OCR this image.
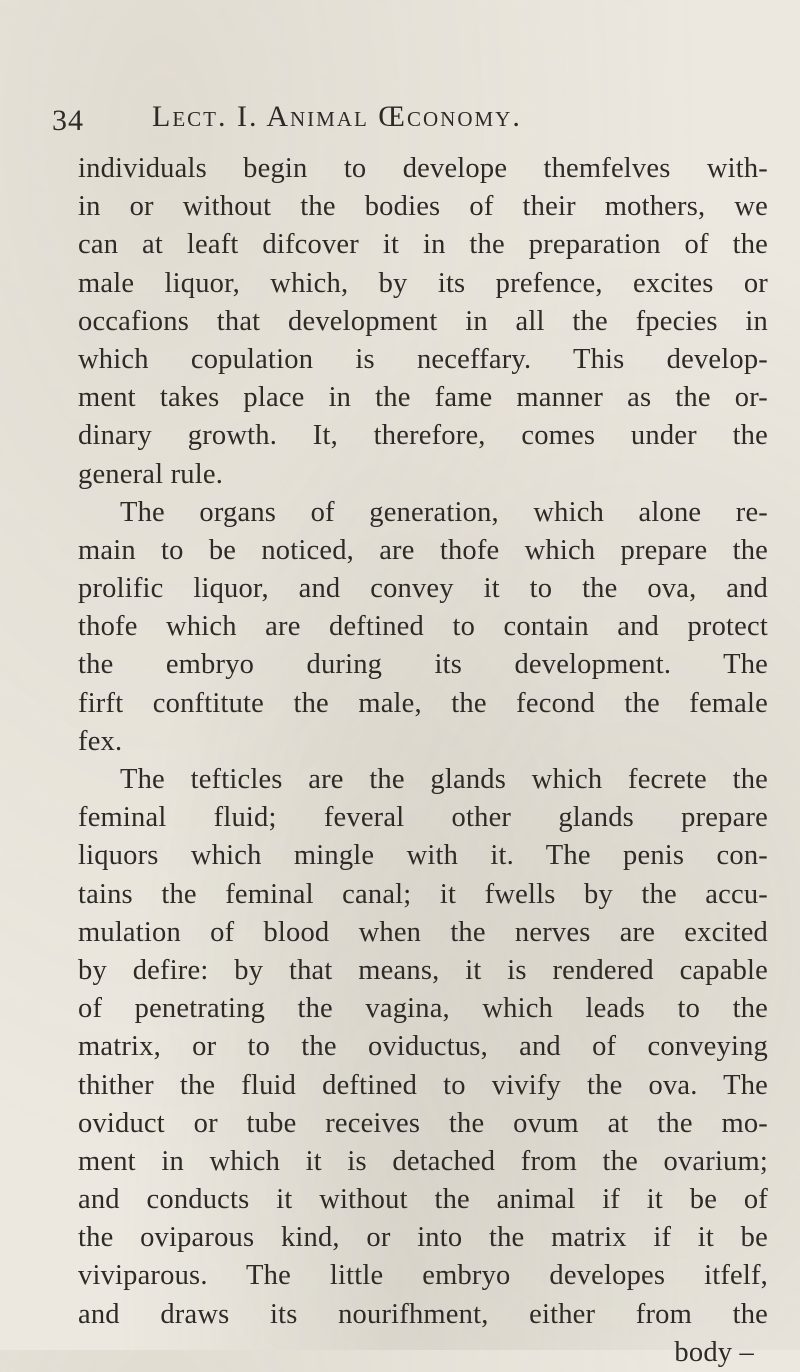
34 Lect. I. Animal Œconomy.
individuals begin to develope themfelves with-
in or without the bodies of their mothers, we
can at leaft difcover it in the preparation of the
male liquor, which, by its prefence, excites or
occafions that development in all the fpecies in
which copulation is neceffary. This develop-
ment takes place in the fame manner as the or-
dinary growth. It, therefore, comes under the
general rule.
The organs of generation, which alone re-
main to be noticed, are thofe which prepare the
prolific liquor, and convey it to the ova, and
thofe which are deftined to contain and protect
the embryo during its development. The
firft conftitute the male, the fecond the female
fex.
The tefticles are the glands which fecrete the
feminal fluid; feveral other glands prepare
liquors which mingle with it. The penis con-
tains the feminal canal; it fwells by the accu-
mulation of blood when the nerves are excited
by defire: by that means, it is rendered capable
of penetrating the vagina, which leads to the
matrix, or to the oviductus, and of conveying
thither the fluid deftined to vivify the ova. The
oviduct or tube receives the ovum at the mo-
ment in which it is detached from the ovarium;
and conducts it without the animal if it be of
the oviparous kind, or into the matrix if it be
viviparous. The little embryo developes itfelf,
and draws its nourifhment, either from the
body –
